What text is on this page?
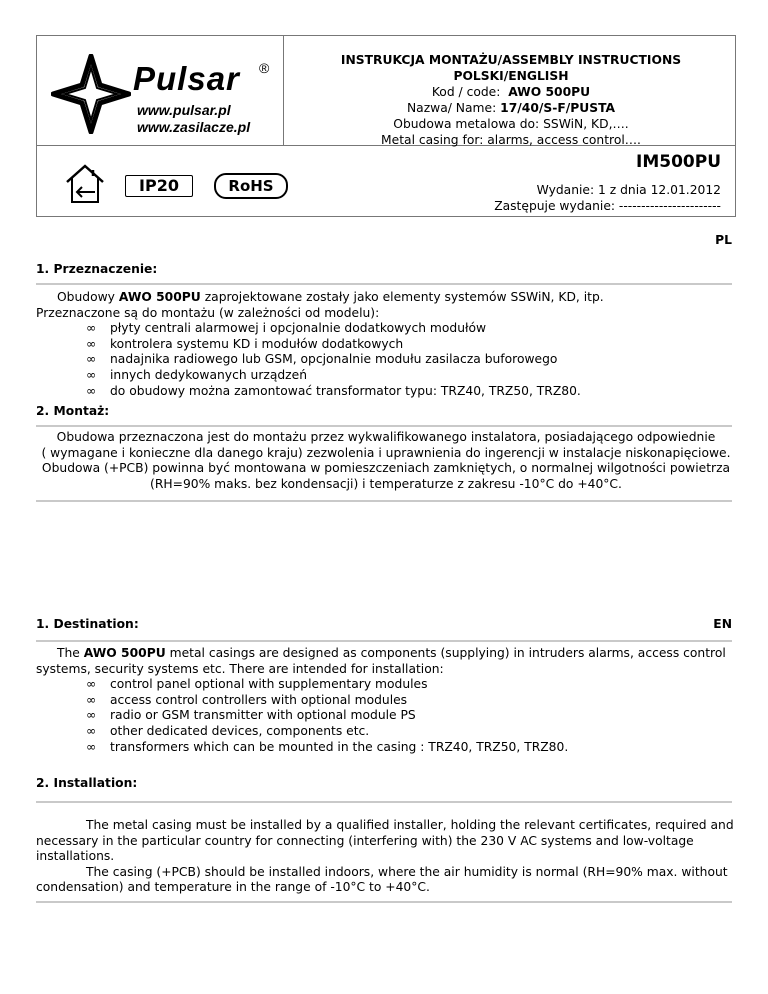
Pulsar ®
www.pulsar.pl
www.zasilacze.pl
INSTRUKCJA MONTAŻU/ASSEMBLY INSTRUCTIONS
POLSKI/ENGLISH
Kod / code: AWO 500PU
Nazwa/ Name: 17/40/S-F/PUSTA
Obudowa metalowa do: SSWiN, KD,….
Metal casing for: alarms, access control….
IM500PU
IP20	RoHS	Wydanie: 1 z dnia 12.01.2012
Zastępuje wydanie: -----------------------
PL
1. Przeznaczenie:

Obudowy AWO 500PU zaprojektowane zostały jako elementy systemów SSWiN, KD, itp.

Przeznaczone są do montażu (w zależności od modelu):

∞ płyty centrali alarmowej i opcjonalnie dodatkowych modułów
∞ kontrolera systemu KD i modułów dodatkowych
∞ nadajnika radiowego lub GSM, opcjonalnie modułu zasilacza buforowego
∞ innych dedykowanych urządzeń
∞ do obudowy można zamontować transformator typu: TRZ40, TRZ50, TRZ80.
2. Montaż:

Obudowa przeznaczona jest do montażu przez wykwalifikowanego instalatora, posiadającego odpowiednie

( wymagane i konieczne dla danego kraju) zezwolenia i uprawnienia do ingerencji w instalacje niskonapięciowe.

Obudowa (+PCB) powinna być montowana w pomieszczeniach zamkniętych, o normalnej wilgotności powietrza

(RH=90% maks. bez kondensacji) i temperaturze z zakresu -10°C do +40°C.

1. Destination:	EN

The AWO 500PU metal casings are designed as components (supplying) in intruders alarms, access control

systems, security systems etc. There are intended for installation:

∞ control panel optional with supplementary modules
∞ access control controllers with optional modules
∞ radio or GSM transmitter with optional module PS
∞ other dedicated devices, components etc.
∞ transformers which can be mounted in the casing : TRZ40, TRZ50, TRZ80.
2. Installation:

The metal casing must be installed by a qualified installer, holding the relevant certificates, required and

necessary in the particular country for connecting (interfering with) the 230 V AC systems and low-voltage installations.

The casing (+PCB) should be installed indoors, where the air humidity is normal (RH=90% max. without

condensation) and temperature in the range of -10°C to +40°C.
